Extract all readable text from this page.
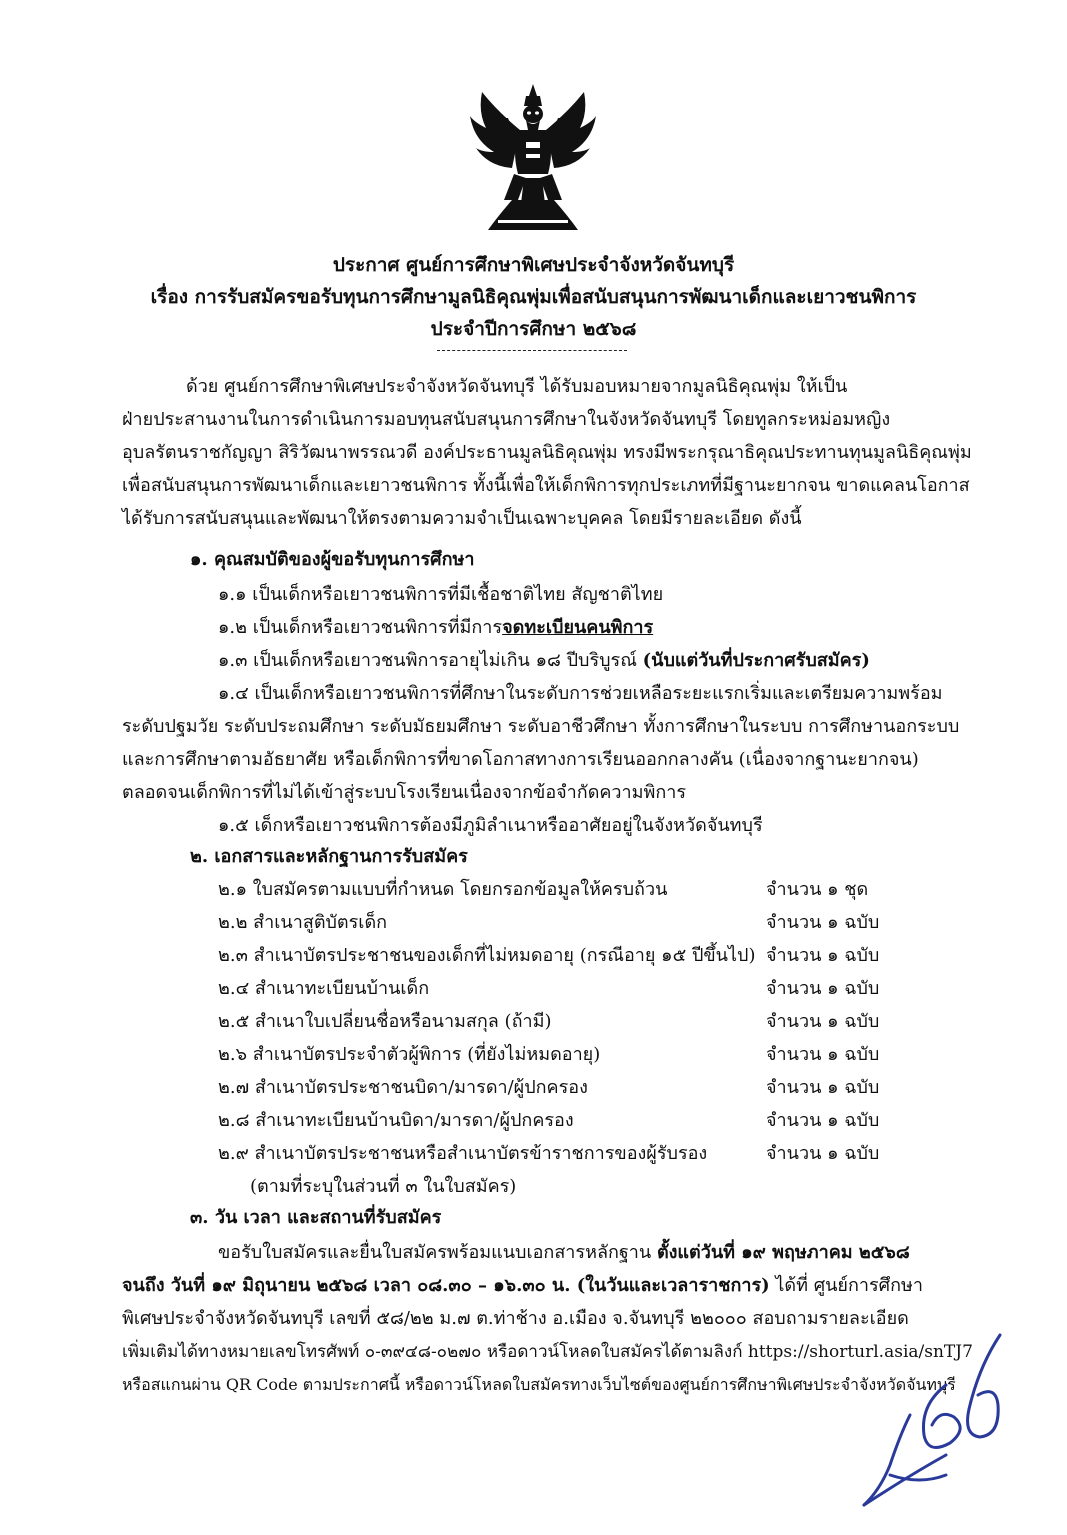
ประกาศ ศูนย์การศึกษาพิเศษประจำจังหวัดจันทบุรี
เรื่อง การรับสมัครขอรับทุนการศึกษามูลนิธิคุณพุ่มเพื่อสนับสนุนการพัฒนาเด็กและเยาวชนพิการ
ประจำปีการศึกษา ๒๕๖๘
ด้วย ศูนย์การศึกษาพิเศษประจำจังหวัดจันทบุรี ได้รับมอบหมายจากมูลนิธิคุณพุ่ม ให้เป็น
ฝ่ายประสานงานในการดำเนินการมอบทุนสนับสนุนการศึกษาในจังหวัดจันทบุรี โดยทูลกระหม่อมหญิง
อุบลรัตนราชกัญญา สิริวัฒนาพรรณวดี องค์ประธานมูลนิธิคุณพุ่ม ทรงมีพระกรุณาธิคุณประทานทุนมูลนิธิคุณพุ่ม
เพื่อสนับสนุนการพัฒนาเด็กและเยาวชนพิการ ทั้งนี้เพื่อให้เด็กพิการทุกประเภทที่มีฐานะยากจน ขาดแคลนโอกาส
ได้รับการสนับสนุนและพัฒนาให้ตรงตามความจำเป็นเฉพาะบุคคล โดยมีรายละเอียด ดังนี้
๑. คุณสมบัติของผู้ขอรับทุนการศึกษา
๑.๑ เป็นเด็กหรือเยาวชนพิการที่มีเชื้อชาติไทย สัญชาติไทย
๑.๒ เป็นเด็กหรือเยาวชนพิการที่มีการจดทะเบียนคนพิการ
๑.๓ เป็นเด็กหรือเยาวชนพิการอายุไม่เกิน ๑๘ ปีบริบูรณ์ (นับแต่วันที่ประกาศรับสมัคร)
๑.๔ เป็นเด็กหรือเยาวชนพิการที่ศึกษาในระดับการช่วยเหลือระยะแรกเริ่มและเตรียมความพร้อม
ระดับปฐมวัย ระดับประถมศึกษา ระดับมัธยมศึกษา ระดับอาชีวศึกษา ทั้งการศึกษาในระบบ การศึกษานอกระบบ
และการศึกษาตามอัธยาศัย หรือเด็กพิการที่ขาดโอกาสทางการเรียนออกกลางคัน (เนื่องจากฐานะยากจน)
ตลอดจนเด็กพิการที่ไม่ได้เข้าสู่ระบบโรงเรียนเนื่องจากข้อจำกัดความพิการ
๑.๕ เด็กหรือเยาวชนพิการต้องมีภูมิลำเนาหรืออาศัยอยู่ในจังหวัดจันทบุรี
๒. เอกสารและหลักฐานการรับสมัคร
๒.๑ ใบสมัครตามแบบที่กำหนด โดยกรอกข้อมูลให้ครบถ้วน	จำนวน ๑ ชุด
๒.๒ สำเนาสูติบัตรเด็ก	จำนวน ๑ ฉบับ
๒.๓ สำเนาบัตรประชาชนของเด็กที่ไม่หมดอายุ (กรณีอายุ ๑๕ ปีขึ้นไป) จำนวน ๑ ฉบับ
๒.๔ สำเนาทะเบียนบ้านเด็ก	จำนวน ๑ ฉบับ
๒.๕ สำเนาใบเปลี่ยนชื่อหรือนามสกุล (ถ้ามี)	จำนวน ๑ ฉบับ
๒.๖ สำเนาบัตรประจำตัวผู้พิการ (ที่ยังไม่หมดอายุ)	จำนวน ๑ ฉบับ
๒.๗ สำเนาบัตรประชาชนบิดา/มารดา/ผู้ปกครอง	จำนวน ๑ ฉบับ
๒.๘ สำเนาทะเบียนบ้านบิดา/มารดา/ผู้ปกครอง	จำนวน ๑ ฉบับ
๒.๙ สำเนาบัตรประชาชนหรือสำเนาบัตรข้าราชการของผู้รับรอง	จำนวน ๑ ฉบับ
(ตามที่ระบุในส่วนที่ ๓ ในใบสมัคร)
๓. วัน เวลา และสถานที่รับสมัคร
ขอรับใบสมัครและยื่นใบสมัครพร้อมแนบเอกสารหลักฐาน ตั้งแต่วันที่ ๑๙ พฤษภาคม ๒๕๖๘
จนถึง วันที่ ๑๙ มิถุนายน ๒๕๖๘ เวลา ๐๘.๓๐ – ๑๖.๓๐ น. (ในวันและเวลาราชการ) ได้ที่ ศูนย์การศึกษา
พิเศษประจำจังหวัดจันทบุรี เลขที่ ๕๘/๒๒ ม.๗ ต.ท่าช้าง อ.เมือง จ.จันทบุรี ๒๒๐๐๐ สอบถามรายละเอียด
เพิ่มเติมได้ทางหมายเลขโทรศัพท์ ๐-๓๙๔๘-๐๒๗๐ หรือดาวน์โหลดใบสมัครได้ตามลิงก์ https://shorturl.asia/snTJ7
หรือสแกนผ่าน QR Code ตามประกาศนี้ หรือดาวน์โหลดใบสมัครทางเว็บไซต์ของศูนย์การศึกษาพิเศษประจำจังหวัดจันทบุรี
